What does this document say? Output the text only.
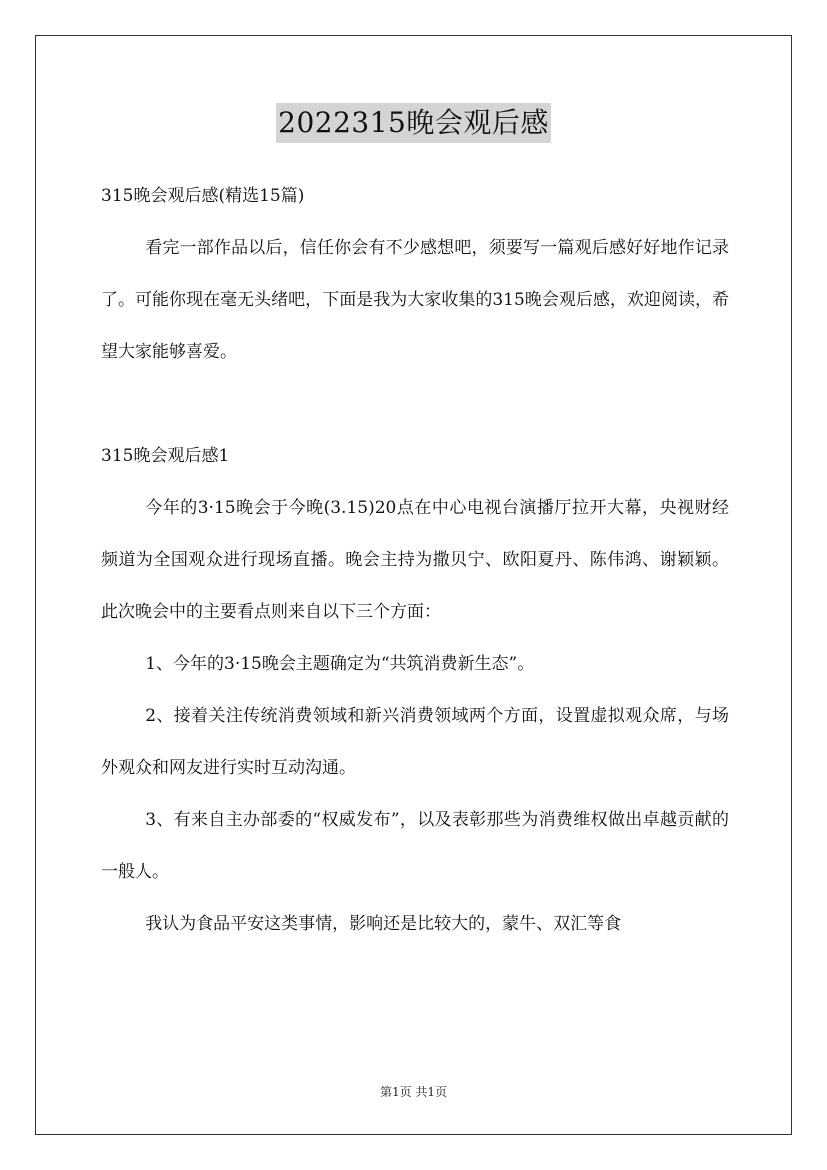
2022315晚会观后感

315晚会观后感(精选15篇)

看完一部作品以后，信任你会有不少感想吧，须要写一篇观后感好好地作记录了。可能你现在毫无头绪吧，下面是我为大家收集的315晚会观后感，欢迎阅读，希望大家能够喜爱。

315晚会观后感1

今年的3·15晚会于今晚(3.15)20点在中心电视台演播厅拉开大幕，央视财经频道为全国观众进行现场直播。晚会主持为撒贝宁、欧阳夏丹、陈伟鸿、谢颖颖。此次晚会中的主要看点则来自以下三个方面：

1、今年的3·15晚会主题确定为“共筑消费新生态”。

2、接着关注传统消费领域和新兴消费领域两个方面，设置虚拟观众席，与场外观众和网友进行实时互动沟通。

3、有来自主办部委的“权威发布”，以及表彰那些为消费维权做出卓越贡献的一般人。

我认为食品平安这类事情，影响还是比较大的，蒙牛、双汇等食

第1页 共1页
